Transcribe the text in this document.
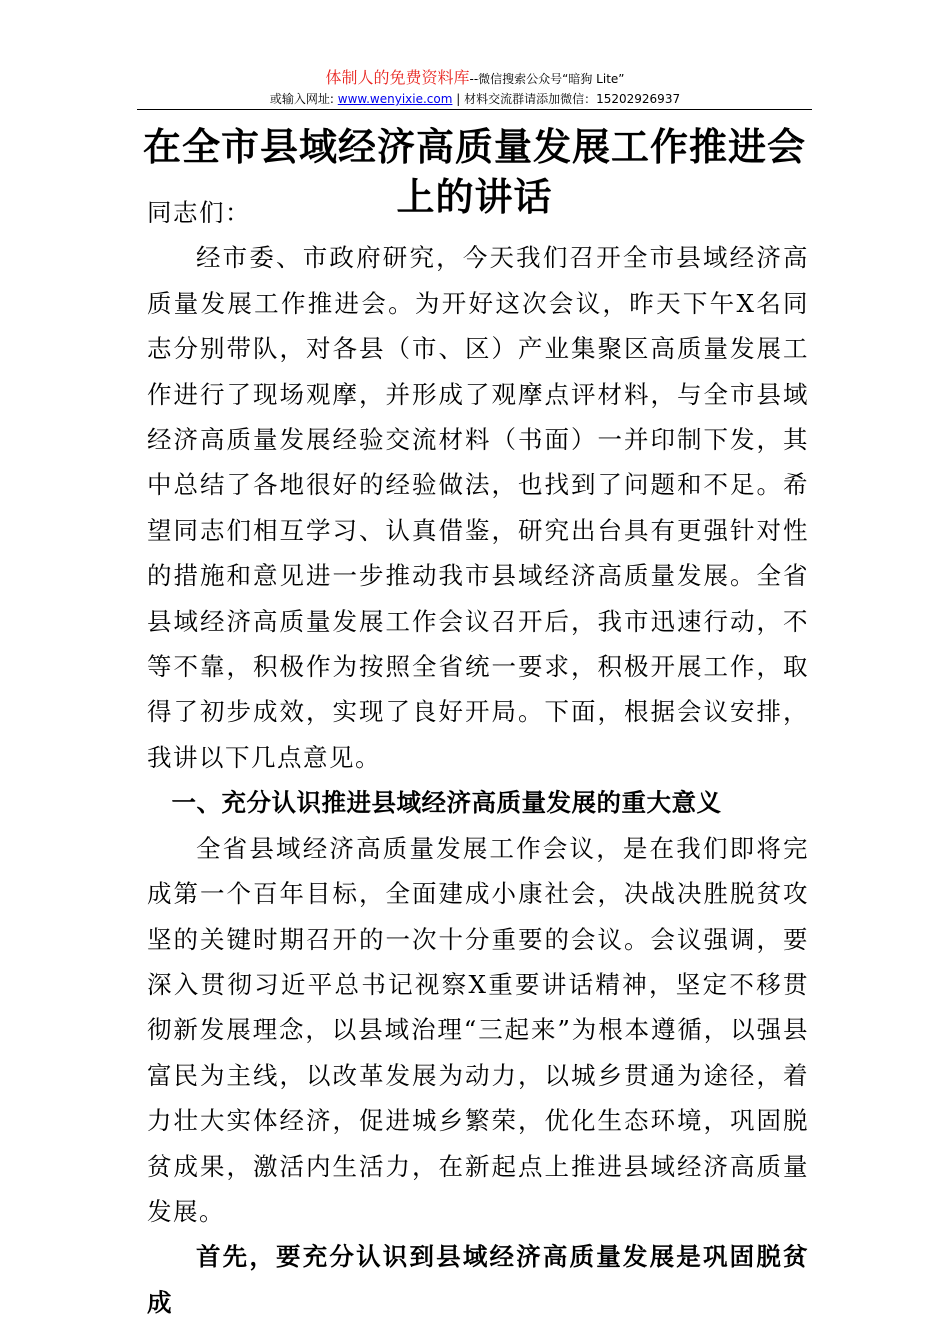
体制人的免费资料库--微信搜索公众号“暗狗 Lite”
或输入网址: www.wenyixie.com | 材料交流群请添加微信：15202926937
在全市县域经济高质量发展工作推进会上的讲话

同志们：

经市委、市政府研究，今天我们召开全市县域经济高质量发展工作推进会。为开好这次会议，昨天下午X名同志分别带队，对各县（市、区）产业集聚区高质量发展工作进行了现场观摩，并形成了观摩点评材料，与全市县域经济高质量发展经验交流材料（书面）一并印制下发，其中总结了各地很好的经验做法，也找到了问题和不足。希望同志们相互学习、认真借鉴，研究出台具有更强针对性的措施和意见进一步推动我市县域经济高质量发展。全省县域经济高质量发展工作会议召开后，我市迅速行动，不等不靠，积极作为按照全省统一要求，积极开展工作，取得了初步成效，实现了良好开局。下面，根据会议安排，我讲以下几点意见。

一、充分认识推进县域经济高质量发展的重大意义

全省县域经济高质量发展工作会议，是在我们即将完成第一个百年目标，全面建成小康社会，决战决胜脱贫攻坚的关键时期召开的一次十分重要的会议。会议强调，要深入贯彻习近平总书记视察X重要讲话精神，坚定不移贯彻新发展理念，以县域治理“三起来”为根本遵循，以强县富民为主线，以改革发展为动力，以城乡贯通为途径，着力壮大实体经济，促进城乡繁荣，优化生态环境，巩固脱贫成果，激活内生活力，在新起点上推进县域经济高质量发展。

首先，要充分认识到县域经济高质量发展是巩固脱贫成
